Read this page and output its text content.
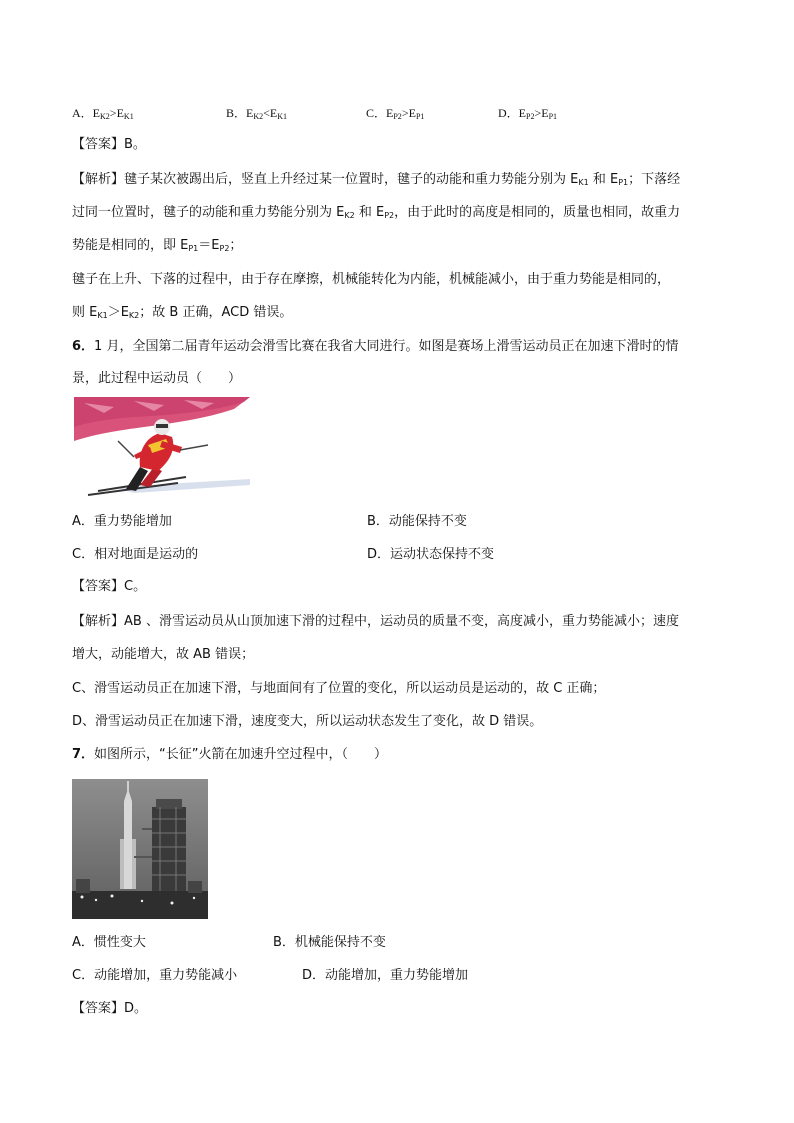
A．$E_{K2}>E_{K1}$	B．$E_{K2}<E_{K1}$	C．$E_{P2}>E_{P1}$	D．$E_{P2}>E_{P1}$
【答案】B。
【解析】毽子某次被踢出后，竖直上升经过某一位置时，毽子的动能和重力势能分别为 $E_{K1}$ 和 $E_{P1}$；下落经
过同一位置时，毽子的动能和重力势能分别为 $E_{K2}$ 和 $E_{P2}$，由于此时的高度是相同的，质量也相同，故重力
势能是相同的，即 $E_{P1}=E_{P2}$；
毽子在上升、下落的过程中，由于存在摩擦，机械能转化为内能，机械能减小，由于重力势能是相同的，
则 $E_{K1}>E_{K2}$；故 B 正确，ACD 错误。
6．1 月，全国第二届青年运动会滑雪比赛在我省大同进行。如图是赛场上滑雪运动员正在加速下滑时的情
景，此过程中运动员（　　）
A．重力势能增加	B．动能保持不变
C．相对地面是运动的	D．运动状态保持不变
【答案】C。
【解析】AB 、滑雪运动员从山顶加速下滑的过程中，运动员的质量不变，高度减小，重力势能减小；速度
增大，动能增大，故 AB 错误；
C、滑雪运动员正在加速下滑，与地面间有了位置的变化，所以运动员是运动的，故 C 正确；
D、滑雪运动员正在加速下滑，速度变大，所以运动状态发生了变化，故 D 错误。
7．如图所示，“长征”火箭在加速升空过程中，（　　）
A．惯性变大	B．机械能保持不变
C．动能增加，重力势能减小	D．动能增加，重力势能增加
【答案】D。
